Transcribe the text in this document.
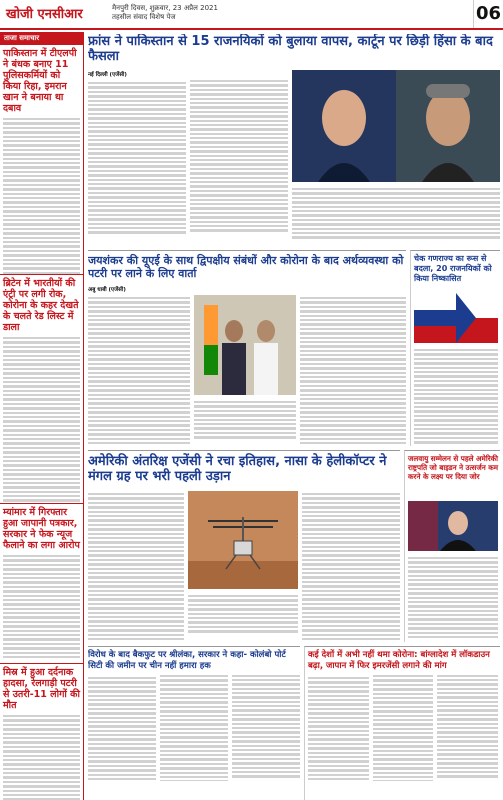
खोजी एनसीआर	मैनपुरी दिवस, शुक्रवार, 23 अप्रैल 2021
तहसील संवाद विशेष पेज	06
ताजा समाचार
पाकिस्तान में टीएलपी ने बंधक बनाए 11 पुलिसकर्मियों को किया रिहा, इमरान खान ने बनाया था दबाव
ब्रिटेन में भारतीयों की एंट्री पर लगी रोक, कोरोना के कहर देखते के चलते रेड लिस्ट में डाला
म्यांमार में गिरफ्तार हुआ जापानी पत्रकार, सरकार ने फेक न्यूज फैलाने का लगा आरोप
मिस्र में हुआ दर्दनाक हादसा, रेलगाड़ी पटरी से उतरी-11 लोगों की मौत
फ्रांस ने पाकिस्तान से 15 राजनयिकों को बुलाया वापस, कार्टून पर छिड़ी हिंसा के बाद फैसला
नई दिल्ली (एजेंसी)
जयशंकर की यूएई के साथ द्विपक्षीय संबंधों और कोरोना के बाद अर्थव्यवस्था को पटरी पर लाने के लिए वार्ता
अबु धाबी (एजेंसी)
चेक गणराज्य का रूस से बदला, 20 राजनयिकों को किया निष्कासित
अमेरिकी अंतरिक्ष एजेंसी ने रचा इतिहास, नासा के हेलीकॉप्टर ने मंगल ग्रह पर भरी पहली उड़ान
जलवायु सम्मेलन से पहले अमेरिकी राष्ट्रपति जो बाइडन ने उत्सर्जन कम करने के लक्ष्य पर दिया जोर
विरोध के बाद बैकफुट पर श्रीलंका, सरकार ने कहा- कोलंबो पोर्ट सिटी की जमीन पर चीन नहीं हमारा हक
कई देशों में अभी नहीं थमा कोरोना: बांग्लादेश में लॉकडाउन बढ़ा, जापान में फिर इमरजेंसी लगाने की मांग
